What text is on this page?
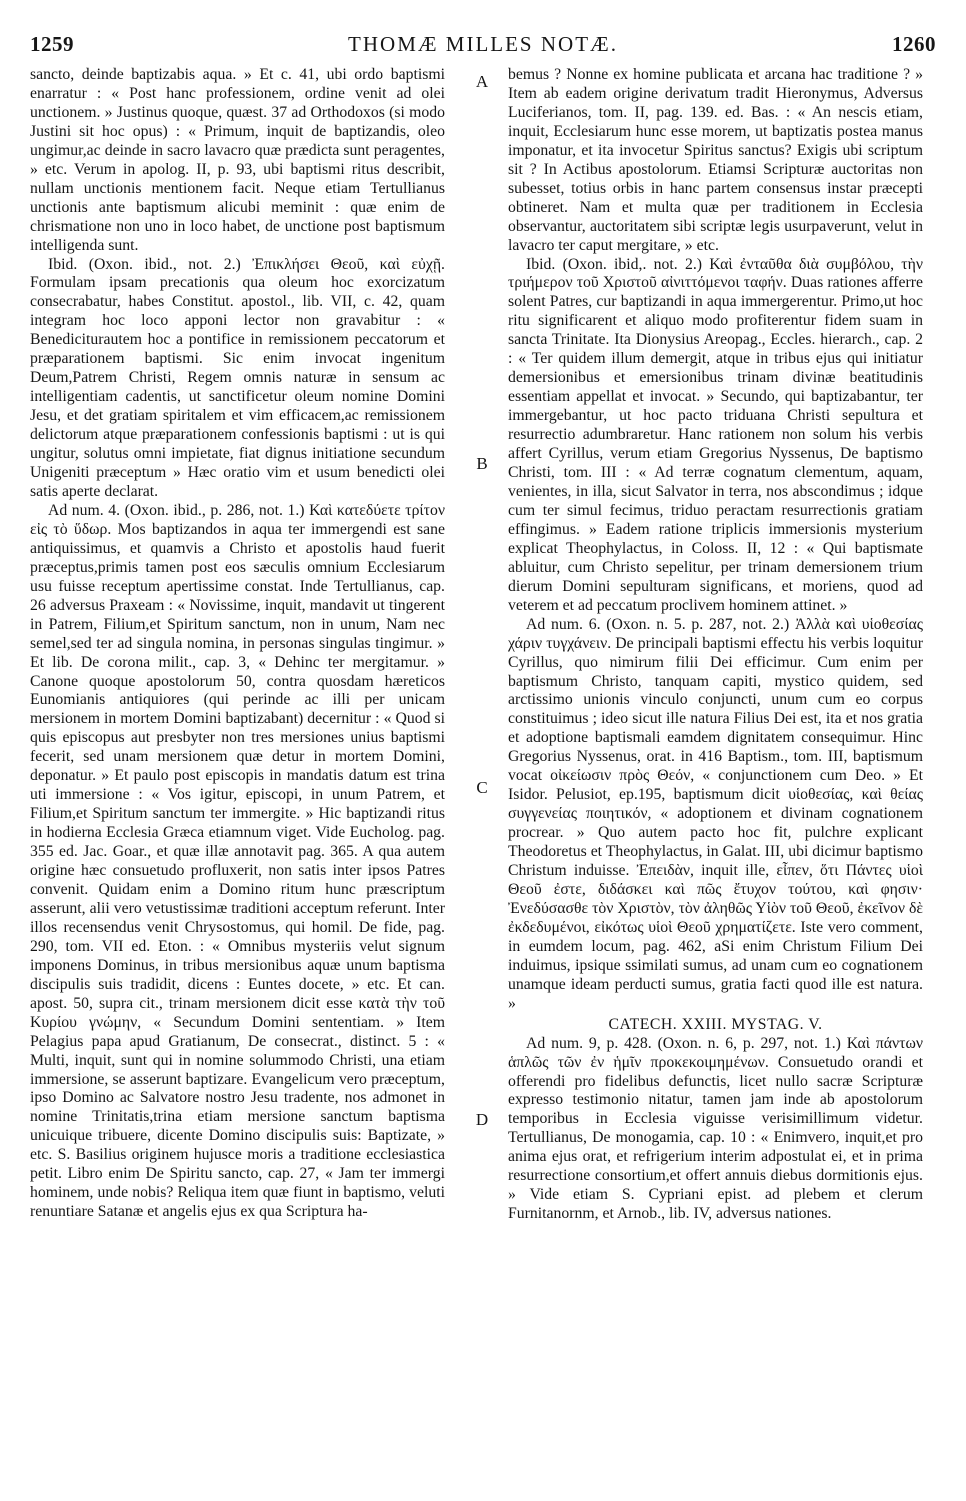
1259	THOMÆ MILLES NOTÆ.	1260

sancto, deinde baptizabis aqua. » Et c. 41, ubi ordo baptismi enarratur : « Post hanc professionem, ordine venit ad olei unctionem. » Justinus quoque, quæst. 37 ad Orthodoxos (si modo Justini sit hoc opus) : « Primum, inquit de baptizandis, oleo ungimur,ac deinde in sacro lavacro quæ prædicta sunt peragentes, » etc. Verum in apolog. II, p. 93, ubi baptismi ritus describit, nullam unctionis mentionem facit. Neque etiam Tertullianus unctionis ante baptismum alicubi meminit : quæ enim de chrismatione non uno in loco habet, de unctione post baptismum intelligenda sunt.

Ibid. (Oxon. ibid., not. 2.) Ἐπικλήσει Θεοῦ, καὶ εὐχῇ. Formulam ipsam precationis qua oleum hoc exorcizatum consecrabatur, habes Constitut. apostol., lib. VII, c. 42, quam integram hoc loco apponi lector non gravabitur : « Benediciturautem hoc a pontifice in remissionem peccatorum et præparationem baptismi. Sic enim invocat ingenitum Deum,Patrem Christi, Regem omnis naturæ in sensum ac intelligentiam cadentis, ut sanctificetur oleum nomine Domini Jesu, et det gratiam spiritalem et vim efficacem,ac remissionem delictorum atque præparationem confessionis baptismi : ut is qui ungitur, solutus omni impietate, fiat dignus initiatione secundum Unigeniti præceptum » Hæc oratio vim et usum benedicti olei satis aperte declarat.

Ad num. 4. (Oxon. ibid., p. 286, not. 1.) Καὶ κατεδύετε τρίτον εἰς τὸ ὕδωρ. Mos baptizandos in aqua ter immergendi est sane antiquissimus, et quamvis a Christo et apostolis haud fuerit præceptus,primis tamen post eos sæculis omnium Ecclesiarum usu fuisse receptum apertissime constat. Inde Tertullianus, cap. 26 adversus Praxeam : « Novissime, inquit, mandavit ut tingerent in Patrem, Filium,et Spiritum sanctum, non in unum, Nam nec semel,sed ter ad singula nomina, in personas singulas tingimur. » Et lib. De corona milit., cap. 3, « Dehinc ter mergitamur. » Canone quoque apostolorum 50, contra quosdam hæreticos Eunomianis antiquiores (qui perinde ac illi per unicam mersionem in mortem Domini baptizabant) decernitur : « Quod si quis episcopus aut presbyter non tres mersiones unius baptismi fecerit, sed unam mersionem quæ detur in mortem Domini, deponatur. » Et paulo post episcopis in mandatis datum est trina uti immersione : « Vos igitur, episcopi, in unum Patrem, et Filium,et Spiritum sanctum ter immergite. » Hic baptizandi ritus in hodierna Ecclesia Græca etiamnum viget. Vide Eucholog. pag. 355 ed. Jac. Goar., et quæ illæ annotavit pag. 365. A qua autem origine hæc consuetudo profluxerit, non satis inter ipsos Patres convenit. Quidam enim a Domino ritum hunc præscriptum asserunt, alii vero vetustissimæ traditioni acceptum referunt. Inter illos recensendus venit Chrysostomus, qui homil. De fide, pag. 290, tom. VII ed. Eton. : « Omnibus mysteriis velut signum imponens Dominus, in tribus mersionibus aquæ unum baptisma discipulis suis tradidit, dicens : Euntes docete, » etc. Et can. apost. 50, supra cit., trinam mersionem dicit esse κατὰ τὴν τοῦ Κυρίου γνώμην, « Secundum Domini sententiam. » Item Pelagius papa apud Gratianum, De consecrat., distinct. 5 : « Multi, inquit, sunt qui in nomine solummodo Christi, una etiam immersione, se asserunt baptizare. Evangelicum vero præceptum, ipso Domino ac Salvatore nostro Jesu tradente, nos admonet in nomine Trinitatis,trina etiam mersione sanctum baptisma unicuique tribuere, dicente Domino discipulis suis: Baptizate, » etc. S. Basilius originem hujusce moris a traditione ecclesiastica petit. Libro enim De Spiritu sancto, cap. 27, « Jam ter immergi hominem, unde nobis? Reliqua item quæ fiunt in baptismo, veluti renuntiare Satanæ et angelis ejus ex qua Scriptura ha-

A
B
C
D

bemus ? Nonne ex homine publicata et arcana hac traditione ? » Item ab eadem origine derivatum tradit Hieronymus, Adversus Luciferianos, tom. II, pag. 139. ed. Bas. : « An nescis etiam, inquit, Ecclesiarum hunc esse morem, ut baptizatis postea manus imponatur, et ita invocetur Spiritus sanctus? Exigis ubi scriptum sit ? In Actibus apostolorum. Etiamsi Scripturæ auctoritas non subesset, totius orbis in hanc partem consensus instar præcepti obtineret. Nam et multa quæ per traditionem in Ecclesia observantur, auctoritatem sibi scriptæ legis usurpaverunt, velut in lavacro ter caput mergitare, » etc.

Ibid. (Oxon. ibid,. not. 2.) Καὶ ἐνταῦθα διὰ συμβόλου, τὴν τριήμερον τοῦ Χριστοῦ αἰνιττόμενοι ταφήν. Duas rationes afferre solent Patres, cur baptizandi in aqua immergerentur. Primo,ut hoc ritu significarent et aliquo modo profiterentur fidem suam in sancta Trinitate. Ita Dionysius Areopag., Eccles. hierarch., cap. 2 : « Ter quidem illum demergit, atque in tribus ejus qui initiatur demersionibus et emersionibus trinam divinæ beatitudinis essentiam appellat et invocat. » Secundo, qui baptizabantur, ter immergebantur, ut hoc pacto triduana Christi sepultura et resurrectio adumbraretur. Hanc rationem non solum his verbis affert Cyrillus, verum etiam Gregorius Nyssenus, De baptismo Christi, tom. III : « Ad terræ cognatum clementum, aquam, venientes, in illa, sicut Salvator in terra, nos abscondimus ; idque cum ter simul fecimus, triduo peractam resurrectionis gratiam effingimus. » Eadem ratione triplicis immersionis mysterium explicat Theophylactus, in Coloss. II, 12 : « Qui baptismate abluitur, cum Christo sepelitur, per trinam demersionem trium dierum Domini sepulturam significans, et moriens, quod ad veterem et ad peccatum proclivem hominem attinet. »

Ad num. 6. (Oxon. n. 5. p. 287, not. 2.) Ἀλλὰ καὶ υἱοθεσίας χάριν τυγχάνειν. De principali baptismi effectu his verbis loquitur Cyrillus, quo nimirum filii Dei efficimur. Cum enim per baptismum Christo, tanquam capiti, mystico quidem, sed arctissimo unionis vinculo conjuncti, unum cum eo corpus constituimus ; ideo sicut ille natura Filius Dei est, ita et nos gratia et adoptione baptismali eamdem dignitatem consequimur. Hinc Gregorius Nyssenus, orat. in 416 Baptism., tom. III, baptismum vocat οἰκείωσιν πρὸς Θεόν, « conjunctionem cum Deo. » Et Isidor. Pelusiot, ep.195, baptismum dicit υἱοθεσίας, καὶ θείας συγγενείας ποιητικόν, « adoptionem et divinam cognationem procrear. » Quo autem pacto hoc fit, pulchre explicant Theodoretus et Theophylactus, in Galat. III, ubi dicimur baptismo Christum induisse. Ἐπειδὰν, inquit ille, εἶπεν, ὅτι Πάντες υἱοὶ Θεοῦ ἐστε, διδάσκει καὶ πῶς ἔτυχον τούτου, καὶ φησιν· Ἐνεδύσασθε τὸν Χριστὸν, τὸν ἀληθῶς Υἱὸν τοῦ Θεοῦ, ἐκεῖνον δὲ ἐκδεδυμένοι, εἰκότως υἱοὶ Θεοῦ χρηματίζετε. Iste vero comment, in eumdem locum, pag. 462, aSi enim Christum Filium Dei induimus, ipsique ssimilati sumus, ad unam cum eo cognationem unamque ideam perducti sumus, gratia facti quod ille est natura. »

CATECH. XXIII. MYSTAG. V.

Ad num. 9, p. 428. (Oxon. n. 6, p. 297, not. 1.) Καὶ πάντων ἁπλῶς τῶν ἐν ἡμῖν προκεκοιμημένων. Consuetudo orandi et offerendi pro fidelibus defunctis, licet nullo sacræ Scripturæ expresso testimonio nitatur, tamen jam inde ab apostolorum temporibus in Ecclesia viguisse verisimillimum videtur. Tertullianus, De monogamia, cap. 10 : « Enimvero, inquit,et pro anima ejus orat, et refrigerium interim adpostulat ei, et in prima resurrectione consortium,et offert annuis diebus dormitionis ejus. » Vide etiam S. Cypriani epist. ad plebem et clerum Furnitanornm, et Arnob., lib. IV, adversus nationes.
